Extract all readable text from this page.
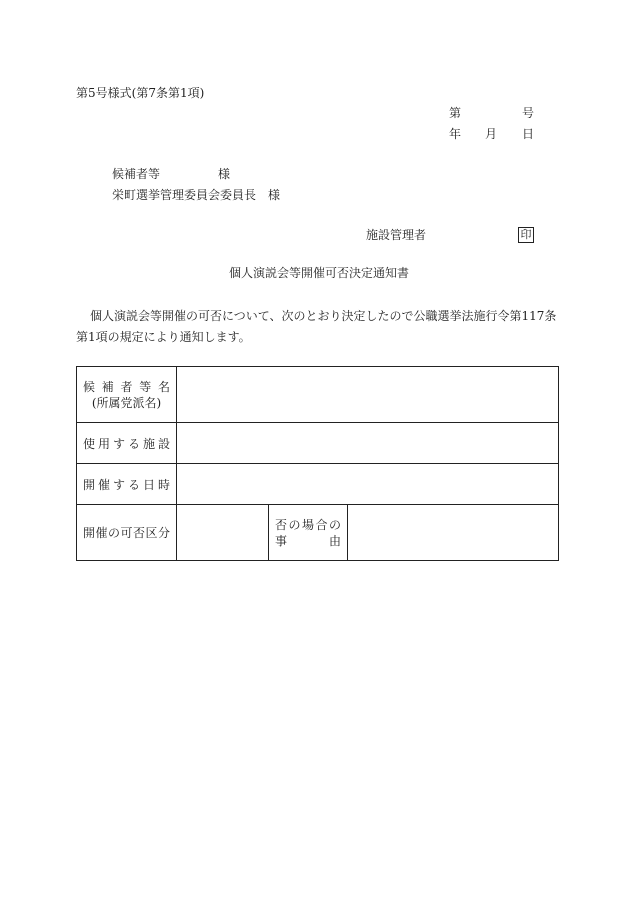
第5号様式(第7条第1項)
第	号
年 月 日
候補者等	様
栄町選挙管理委員会委員長　様
施設管理者	印
個人演説会等開催可否決定通知書
個人演説会等開催の可否について、次のとおり決定したので公職選挙法施行令第117条
第1項の規定により通知します。
候補者等名
(所属党派名)			

使用する施設			
開催する日時			
開催の可否区分		否の場合の
事 由	
